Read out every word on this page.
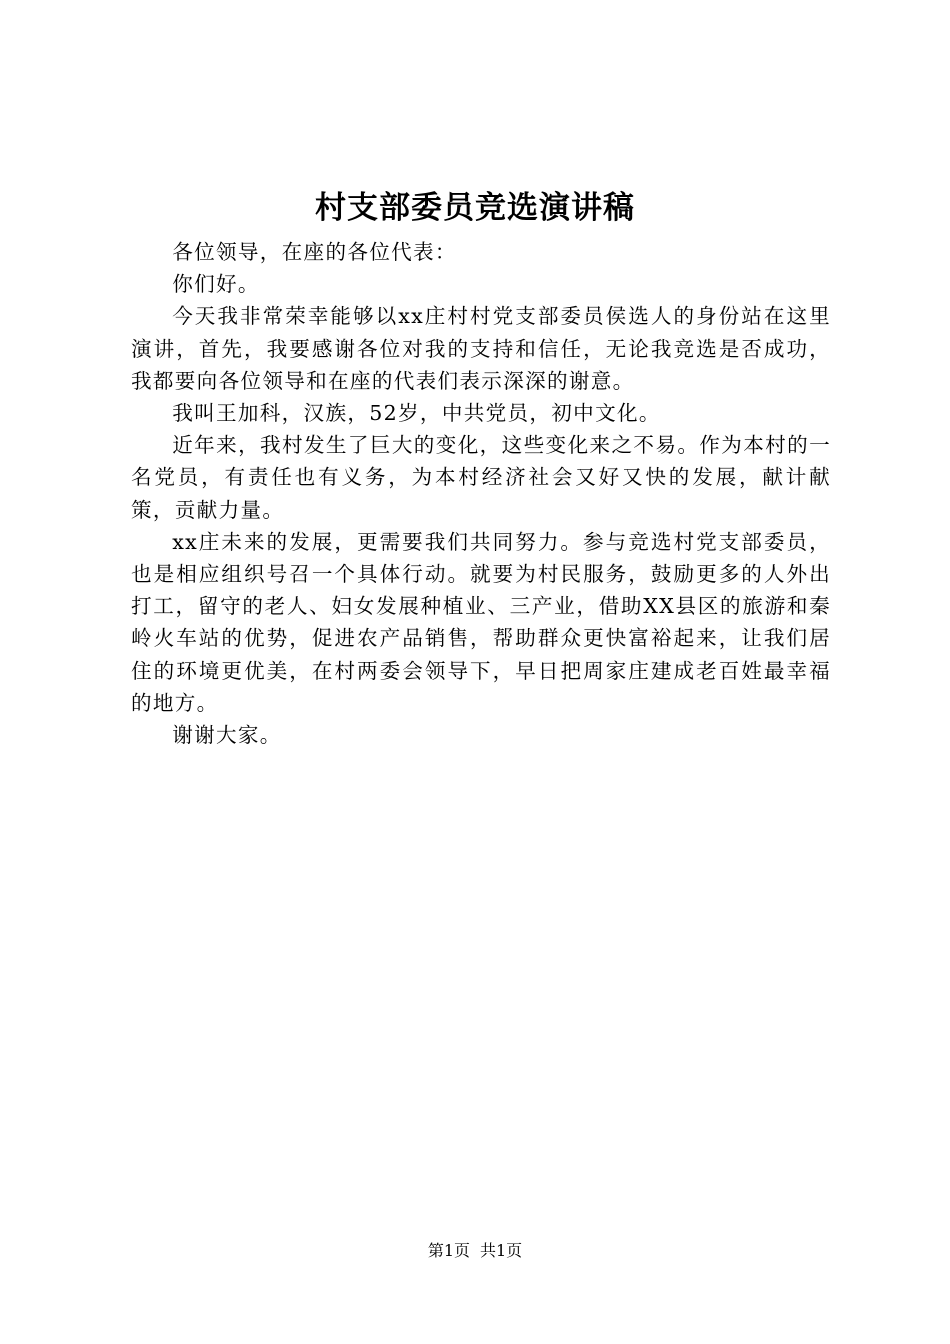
村支部委员竞选演讲稿

各位领导，在座的各位代表：

你们好。

今天我非常荣幸能够以xx庄村村党支部委员侯选人的身份站在这里演讲，首先，我要感谢各位对我的支持和信任，无论我竞选是否成功，我都要向各位领导和在座的代表们表示深深的谢意。

我叫王加科，汉族，52岁，中共党员，初中文化。

近年来，我村发生了巨大的变化，这些变化来之不易。作为本村的一名党员，有责任也有义务，为本村经济社会又好又快的发展，献计献策，贡献力量。

xx庄未来的发展，更需要我们共同努力。参与竞选村党支部委员，也是相应组织号召一个具体行动。就要为村民服务，鼓励更多的人外出打工，留守的老人、妇女发展种植业、三产业，借助XX县区的旅游和秦岭火车站的优势，促进农产品销售，帮助群众更快富裕起来，让我们居住的环境更优美，在村两委会领导下，早日把周家庄建成老百姓最幸福的地方。

谢谢大家。

第1页 共1页
